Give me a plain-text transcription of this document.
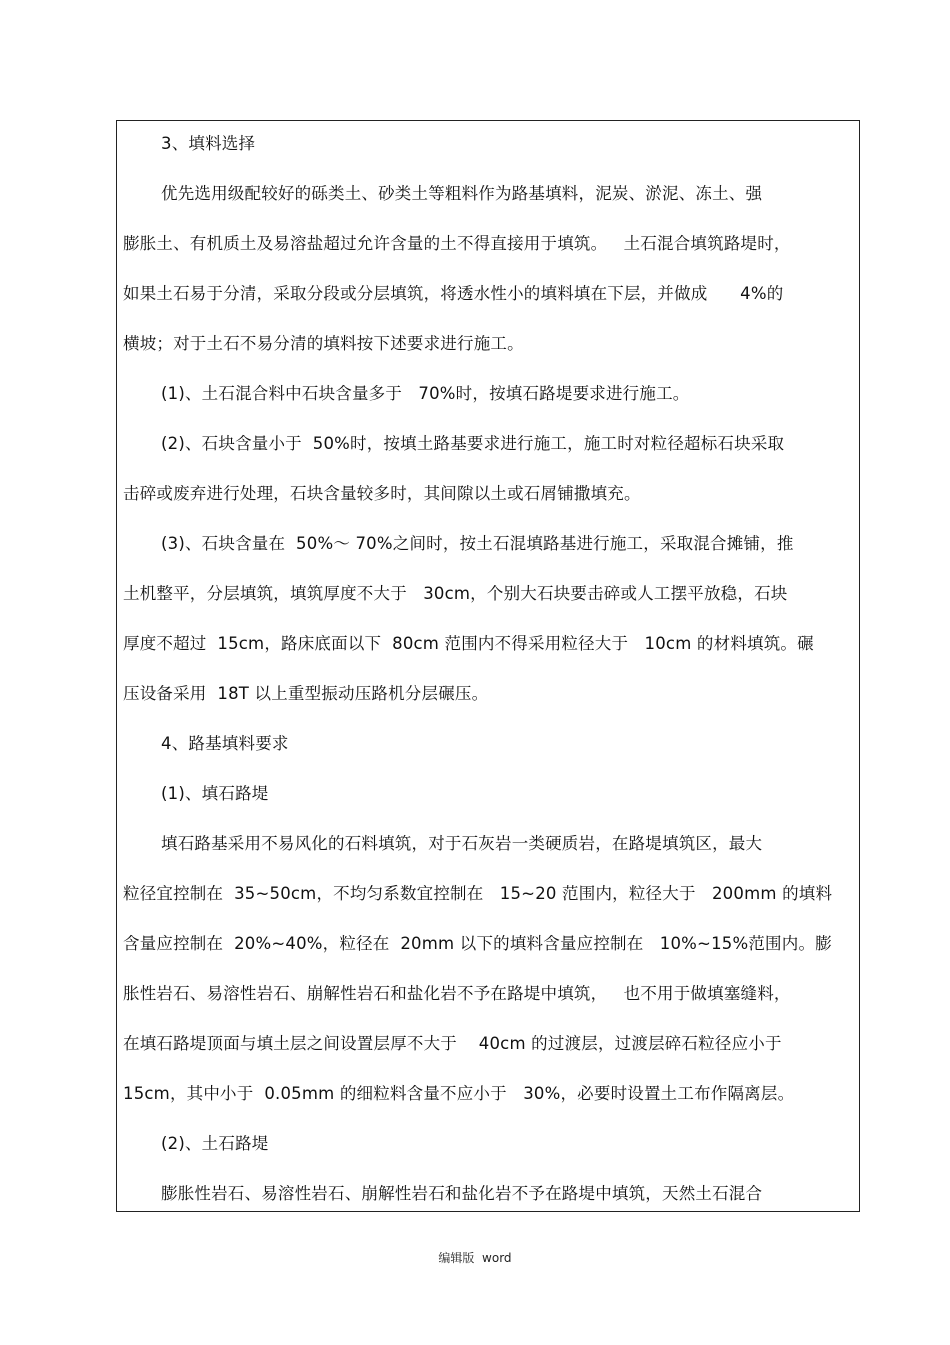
3、填料选择
优先选用级配较好的砾类土、砂类土等粗料作为路基填料，泥炭、淤泥、冻土、强
膨胀土、有机质土及易溶盐超过允许含量的土不得直接用于填筑。   土石混合填筑路堤时，
如果土石易于分清，采取分段或分层填筑，将透水性小的填料填在下层，并做成      4%的
横坡；对于土石不易分清的填料按下述要求进行施工。
(1)、土石混合料中石块含量多于   70%时，按填石路堤要求进行施工。
(2)、石块含量小于  50%时，按填土路基要求进行施工，施工时对粒径超标石块采取
击碎或废弃进行处理，石块含量较多时，其间隙以土或石屑铺撒填充。
(3)、石块含量在  50%～ 70%之间时，按土石混填路基进行施工，采取混合摊铺，推
土机整平，分层填筑，填筑厚度不大于   30cm，个别大石块要击碎或人工摆平放稳，石块
厚度不超过  15cm，路床底面以下  80cm 范围内不得采用粒径大于   10cm 的材料填筑。碾
压设备采用  18T 以上重型振动压路机分层碾压。
4、路基填料要求
(1)、填石路堤
填石路基采用不易风化的石料填筑，对于石灰岩一类硬质岩，在路堤填筑区，最大
粒径宜控制在  35~50cm，不均匀系数宜控制在   15~20 范围内，粒径大于   200mm 的填料
含量应控制在  20%~40%，粒径在  20mm 以下的填料含量应控制在   10%~15%范围内。膨
胀性岩石、易溶性岩石、崩解性岩石和盐化岩不予在路堤中填筑，   也不用于做填塞缝料，
在填石路堤顶面与填土层之间设置层厚不大于    40cm 的过渡层，过渡层碎石粒径应小于
15cm，其中小于  0.05mm 的细粒料含量不应小于   30%，必要时设置土工布作隔离层。
(2)、土石路堤
膨胀性岩石、易溶性岩石、崩解性岩石和盐化岩不予在路堤中填筑，天然土石混合
编辑版  word
